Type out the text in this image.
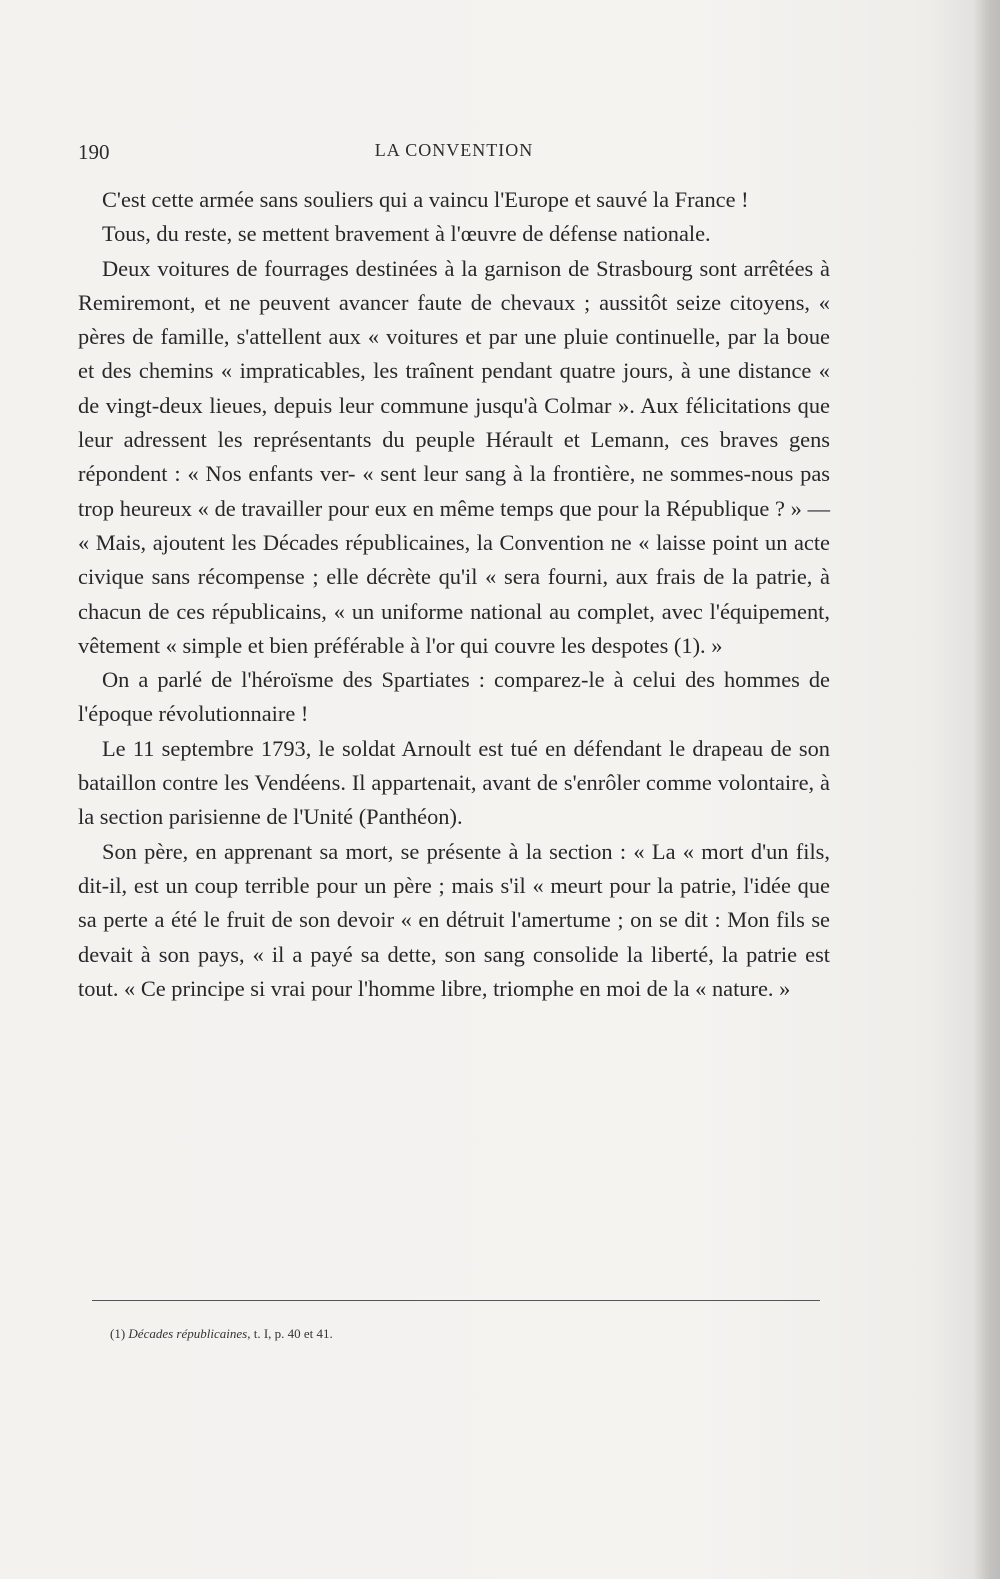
190	LA CONVENTION

C'est cette armée sans souliers qui a vaincu l'Europe et sauvé la France !

Tous, du reste, se mettent bravement à l'œuvre de défense nationale.

Deux voitures de fourrages destinées à la garnison de Strasbourg sont arrêtées à Remiremont, et ne peuvent avancer faute de chevaux ; aussitôt seize citoyens, « pères de famille, s'attellent aux « voitures et par une pluie continuelle, par la boue et des chemins « impraticables, les traînent pendant quatre jours, à une distance « de vingt-deux lieues, depuis leur commune jusqu'à Colmar ». Aux félicitations que leur adressent les représentants du peuple Hérault et Lemann, ces braves gens répondent : « Nos enfants ver- « sent leur sang à la frontière, ne sommes-nous pas trop heureux « de travailler pour eux en même temps que pour la République ? » — « Mais, ajoutent les Décades républicaines, la Convention ne « laisse point un acte civique sans récompense ; elle décrète qu'il « sera fourni, aux frais de la patrie, à chacun de ces républicains, « un uniforme national au complet, avec l'équipement, vêtement « simple et bien préférable à l'or qui couvre les despotes (1). »

On a parlé de l'héroïsme des Spartiates : comparez-le à celui des hommes de l'époque révolutionnaire !

Le 11 septembre 1793, le soldat Arnoult est tué en défendant le drapeau de son bataillon contre les Vendéens. Il appartenait, avant de s'enrôler comme volontaire, à la section parisienne de l'Unité (Panthéon).

Son père, en apprenant sa mort, se présente à la section : « La « mort d'un fils, dit-il, est un coup terrible pour un père ; mais s'il « meurt pour la patrie, l'idée que sa perte a été le fruit de son devoir « en détruit l'amertume ; on se dit : Mon fils se devait à son pays, « il a payé sa dette, son sang consolide la liberté, la patrie est tout. « Ce principe si vrai pour l'homme libre, triomphe en moi de la « nature. »

(1) Décades républicaines, t. I, p. 40 et 41.
